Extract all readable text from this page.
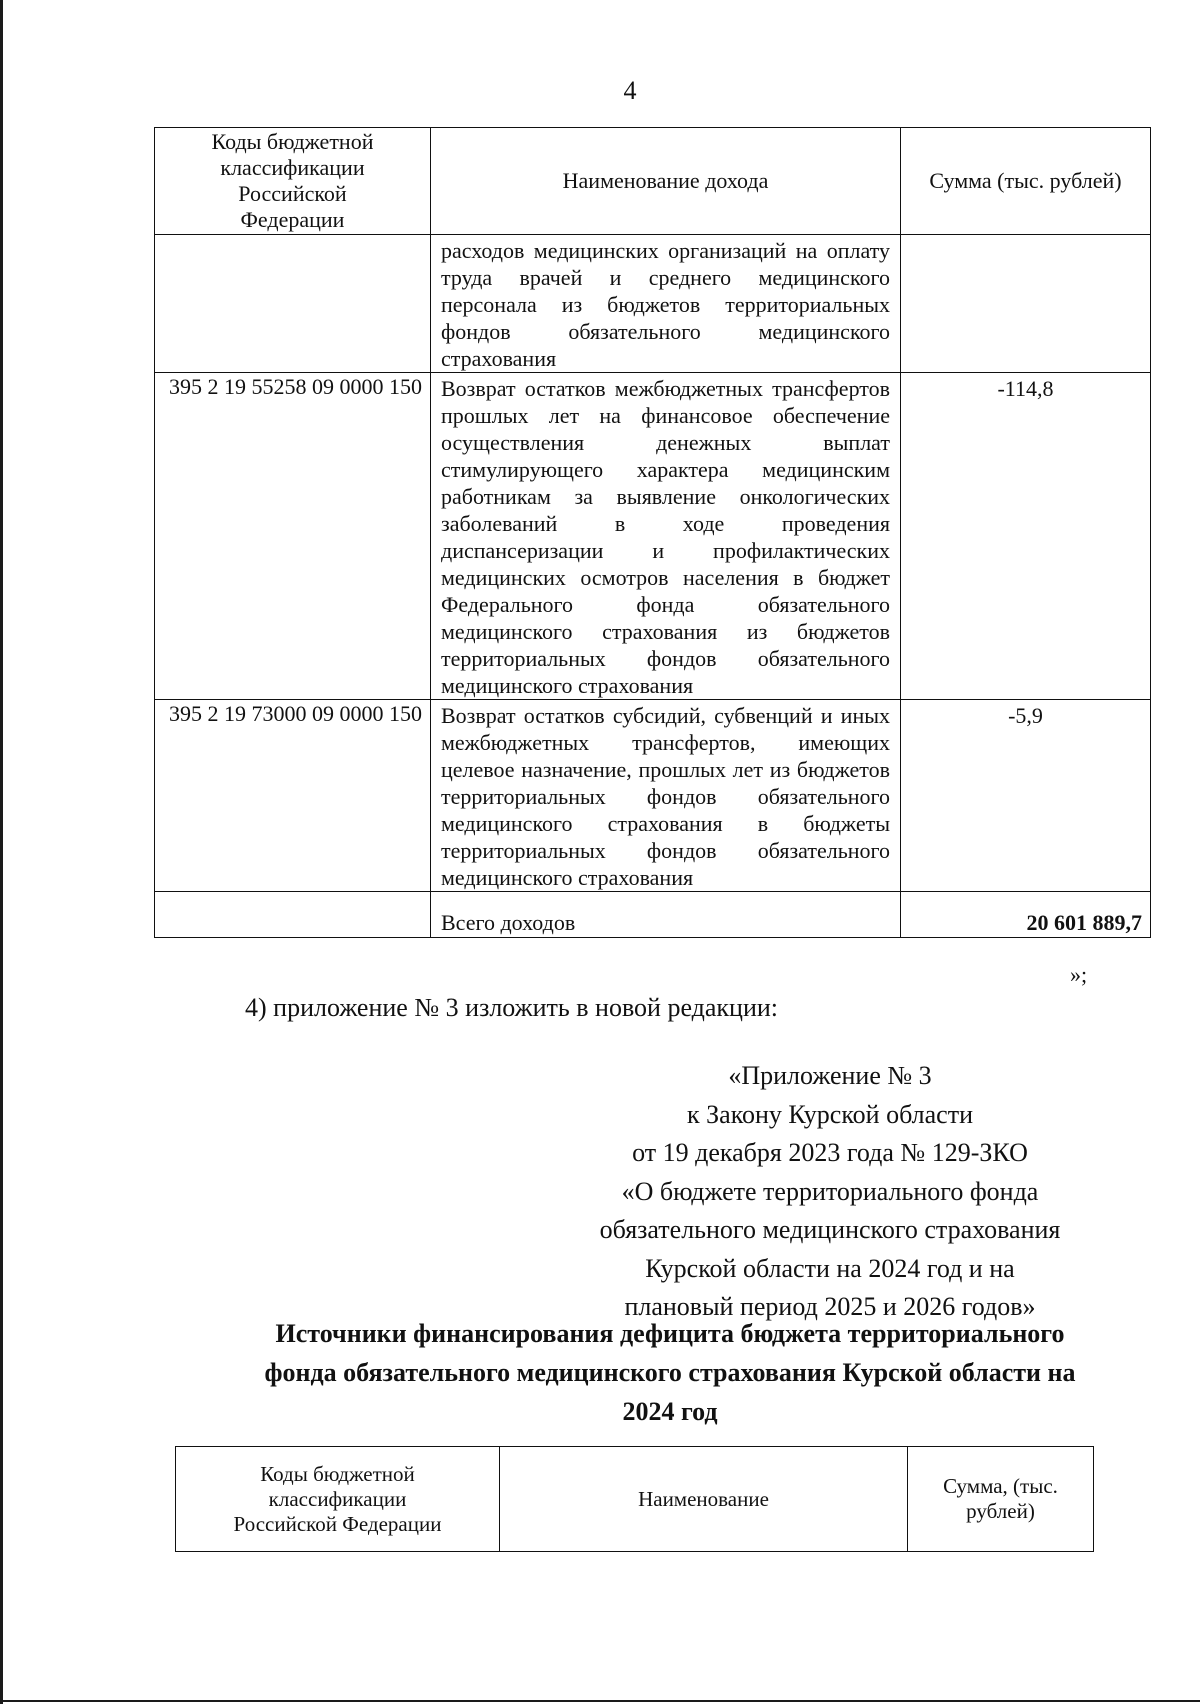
4
Коды бюджетной классификации Российской Федерации	Наименование дохода	Сумма (тыс. рублей)
	расходов медицинских организаций на оплату труда врачей и среднего медицинского персонала из бюджетов территориальных фондов обязательного медицинского страхования	
395 2 19 55258 09 0000 150	Возврат остатков межбюджетных трансфертов прошлых лет на финансовое обеспечение осуществления денежных выплат стимулирующего характера медицинским работникам за выявление онкологических заболеваний в ходе проведения диспансеризации и профилактических медицинских осмотров населения в бюджет Федерального фонда обязательного медицинского страхования из бюджетов территориальных фондов обязательного медицинского страхования	-114,8
395 2 19 73000 09 0000 150	Возврат остатков субсидий, субвенций и иных межбюджетных трансфертов, имеющих целевое назначение, прошлых лет из бюджетов территориальных фондов обязательного медицинского страхования в бюджеты территориальных фондов обязательного медицинского страхования	-5,9
	Всего доходов	20 601 889,7
»;
4) приложение № 3 изложить в новой редакции:
«Приложение № 3
к Закону Курской области
от 19 декабря 2023 года № 129-ЗКО
«О бюджете территориального фонда
обязательного медицинского страхования
Курской области на 2024 год и на
плановый период 2025 и 2026 годов»
Источники финансирования дефицита бюджета территориального фонда обязательного медицинского страхования Курской области на 2024 год
Коды бюджетной классификации Российской Федерации	Наименование	Сумма, (тыс. рублей)
